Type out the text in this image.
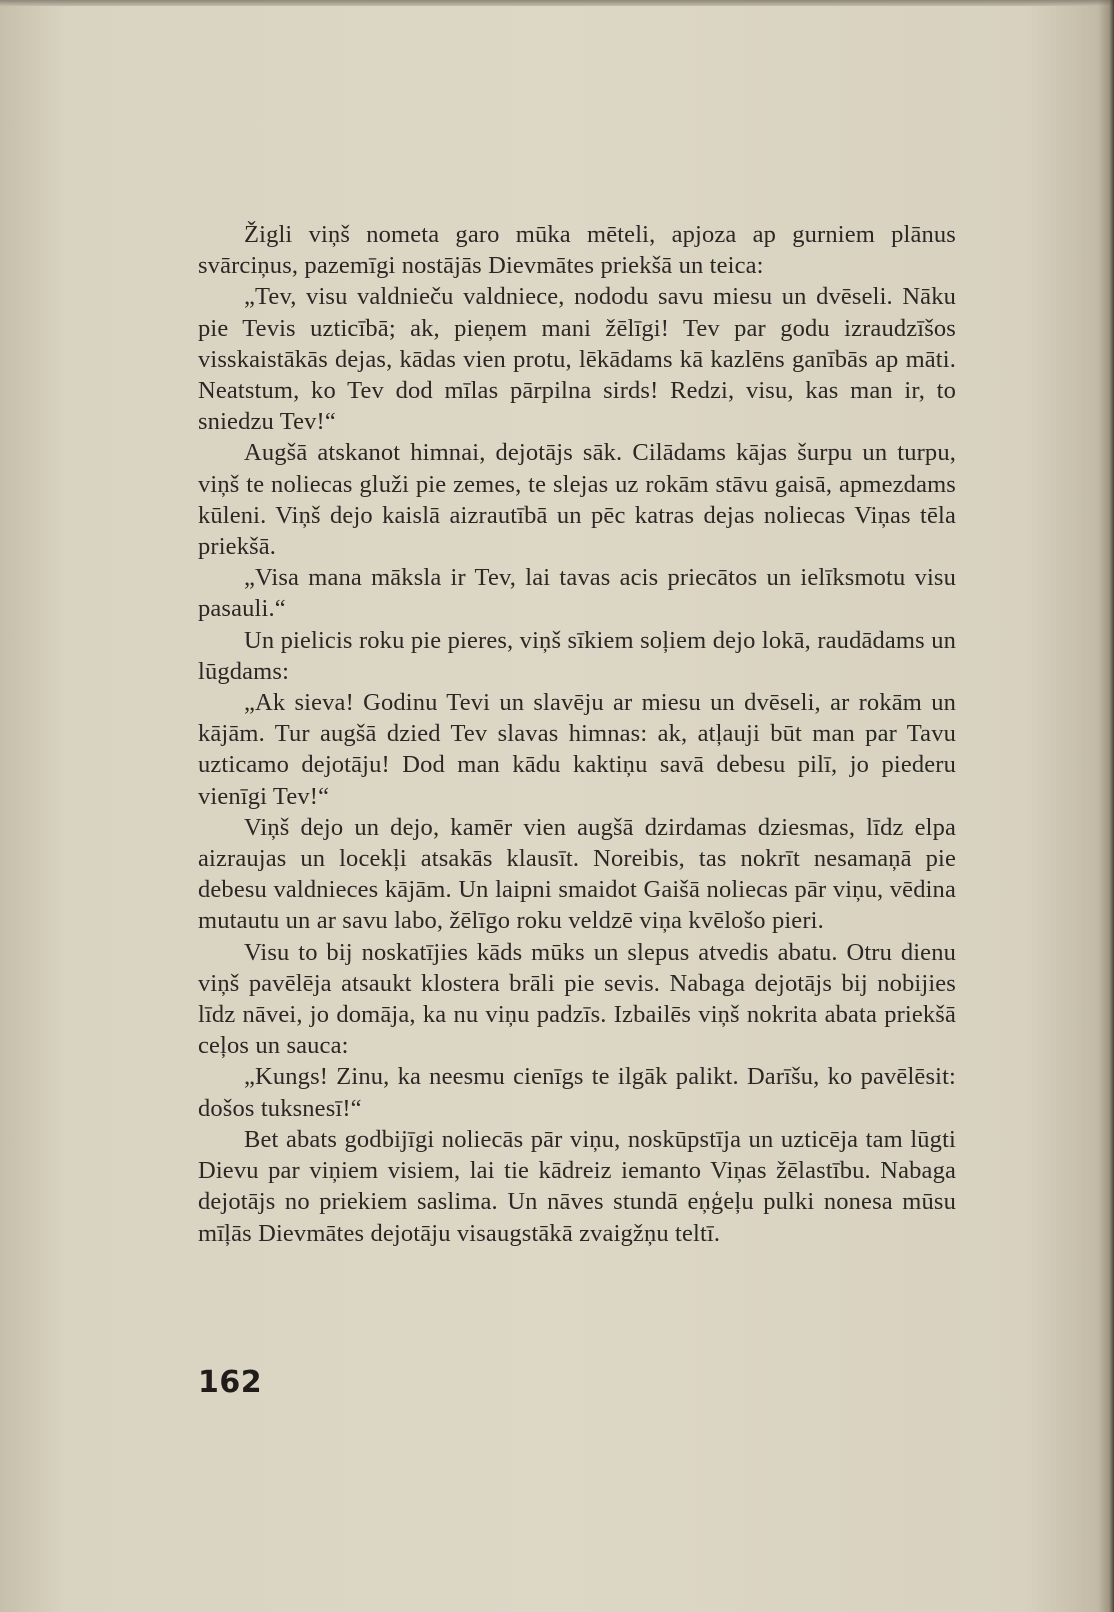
Žigli viņš nometa garo mūka mēteli, apjoza ap gurniem plānus svārciņus, pazemīgi nostājās Dievmātes priekšā un teica:

„Tev, visu valdnieču valdniece, nododu savu miesu un dvēseli. Nāku pie Tevis uzticībā; ak, pieņem mani žēlīgi! Tev par godu izraudzīšos visskaistākās dejas, kādas vien protu, lēkādams kā kazlēns ganībās ap māti. Neatstum, ko Tev dod mīlas pārpilna sirds! Redzi, visu, kas man ir, to sniedzu Tev!“

Augšā atskanot himnai, dejotājs sāk. Cilādams kājas šurpu un turpu, viņš te noliecas gluži pie zemes, te slejas uz rokām stāvu gaisā, apmezdams kūleni. Viņš dejo kaislā aizrautībā un pēc katras dejas noliecas Viņas tēla priekšā.

„Visa mana māksla ir Tev, lai tavas acis priecātos un ielīksmotu visu pasauli.“

Un pielicis roku pie pieres, viņš sīkiem soļiem dejo lokā, raudādams un lūgdams:

„Ak sieva! Godinu Tevi un slavēju ar miesu un dvēseli, ar rokām un kājām. Tur augšā dzied Tev slavas himnas: ak, atļauji būt man par Tavu uzticamo dejotāju! Dod man kādu kaktiņu savā debesu pilī, jo piederu vienīgi Tev!“

Viņš dejo un dejo, kamēr vien augšā dzirdamas dziesmas, līdz elpa aizraujas un locekļi atsakās klausīt. Noreibis, tas nokrīt nesamaņā pie debesu valdnieces kājām. Un laipni smaidot Gaišā noliecas pār viņu, vēdina mutautu un ar savu labo, žēlīgo roku veldzē viņa kvēlošo pieri.

Visu to bij noskatījies kāds mūks un slepus atvedis abatu. Otru dienu viņš pavēlēja atsaukt klostera brāli pie sevis. Nabaga dejotājs bij nobijies līdz nāvei, jo domāja, ka nu viņu padzīs. Izbailēs viņš nokrita abata priekšā ceļos un sauca:

„Kungs! Zinu, ka neesmu cienīgs te ilgāk palikt. Darīšu, ko pavēlēsit: došos tuksnesī!“

Bet abats godbijīgi noliecās pār viņu, noskūpstīja un uzticēja tam lūgti Dievu par viņiem visiem, lai tie kādreiz iemanto Viņas žēlastību. Nabaga dejotājs no priekiem saslima. Un nāves stundā eņģeļu pulki nonesa mūsu mīļās Dievmātes dejotāju visaugstākā zvaigžņu teltī.

162
